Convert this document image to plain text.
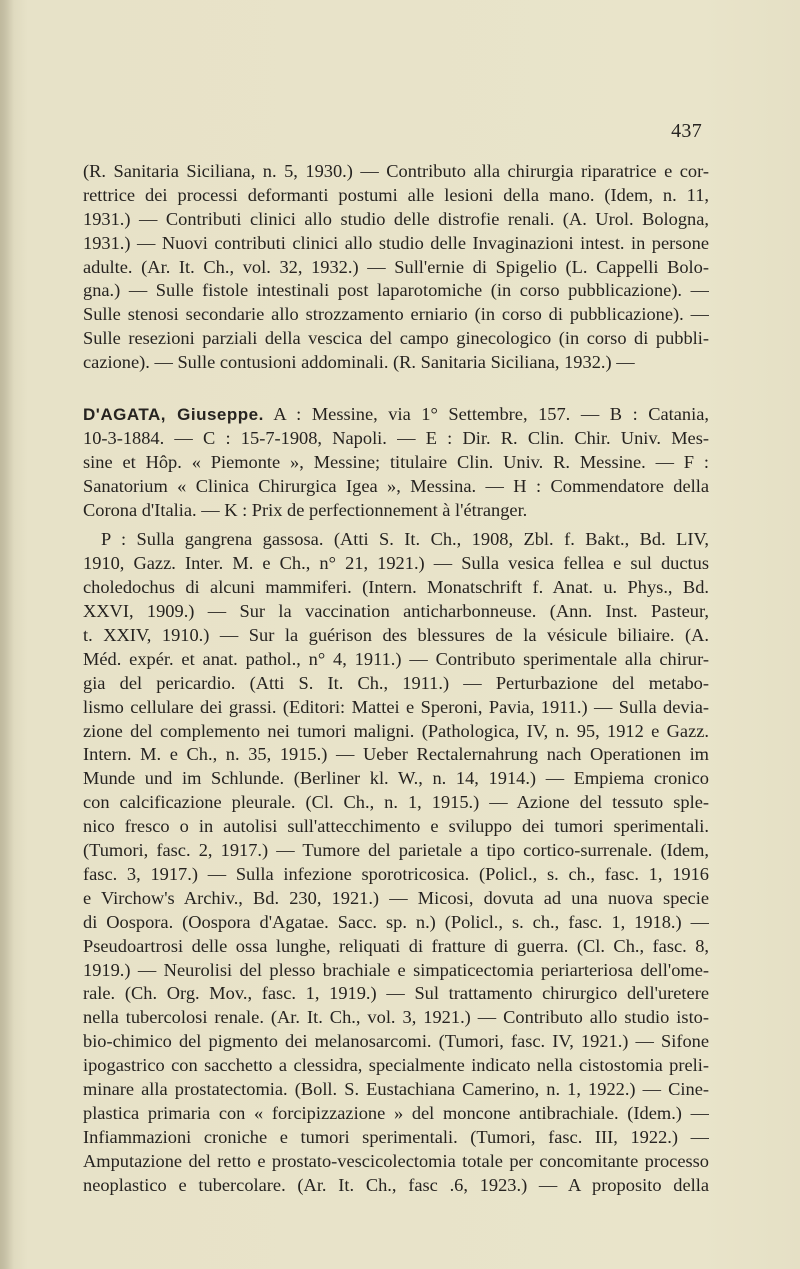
437
(R. Sanitaria Siciliana, n. 5, 1930.) — Contributo alla chirurgia riparatrice e cor-
rettrice dei processi deformanti postumi alle lesioni della mano. (Idem, n. 11,
1931.) — Contributi clinici allo studio delle distrofie renali. (A. Urol. Bologna,
1931.) — Nuovi contributi clinici allo studio delle Invaginazioni intest. in persone
adulte. (Ar. It. Ch., vol. 32, 1932.) — Sull'ernie di Spigelio (L. Cappelli Bolo-
gna.) — Sulle fistole intestinali post laparotomiche (in corso pubblicazione). —
Sulle stenosi secondarie allo strozzamento erniario (in corso di pubblicazione). —
Sulle resezioni parziali della vescica del campo ginecologico (in corso di pubbli-
cazione). — Sulle contusioni addominali. (R. Sanitaria Siciliana, 1932.) —
D'AGATA, Giuseppe. A : Messine, via 1° Settembre, 157. — B : Catania,
10-3-1884. — C : 15-7-1908, Napoli. — E : Dir. R. Clin. Chir. Univ. Mes-
sine et Hôp. « Piemonte », Messine; titulaire Clin. Univ. R. Messine. — F :
Sanatorium « Clinica Chirurgica Igea », Messina. — H : Commendatore della
Corona d'Italia. — K : Prix de perfectionnement à l'étranger.
P : Sulla gangrena gassosa. (Atti S. It. Ch., 1908, Zbl. f. Bakt., Bd. LIV,
1910, Gazz. Inter. M. e Ch., n° 21, 1921.) — Sulla vesica fellea e sul ductus
choledochus di alcuni mammiferi. (Intern. Monatschrift f. Anat. u. Phys., Bd.
XXVI, 1909.) — Sur la vaccination anticharbonneuse. (Ann. Inst. Pasteur,
t. XXIV, 1910.) — Sur la guérison des blessures de la vésicule biliaire. (A.
Méd. expér. et anat. pathol., n° 4, 1911.) — Contributo sperimentale alla chirur-
gia del pericardio. (Atti S. It. Ch., 1911.) — Perturbazione del metabo-
lismo cellulare dei grassi. (Editori: Mattei e Speroni, Pavia, 1911.) — Sulla devia-
zione del complemento nei tumori maligni. (Pathologica, IV, n. 95, 1912 e Gazz.
Intern. M. e Ch., n. 35, 1915.) — Ueber Rectalernahrung nach Operationen im
Munde und im Schlunde. (Berliner kl. W., n. 14, 1914.) — Empiema cronico
con calcificazione pleurale. (Cl. Ch., n. 1, 1915.) — Azione del tessuto sple-
nico fresco o in autolisi sull'attecchimento e sviluppo dei tumori sperimentali.
(Tumori, fasc. 2, 1917.) — Tumore del parietale a tipo cortico-surrenale. (Idem,
fasc. 3, 1917.) — Sulla infezione sporotricosica. (Policl., s. ch., fasc. 1, 1916
e Virchow's Archiv., Bd. 230, 1921.) — Micosi, dovuta ad una nuova specie
di Oospora. (Oospora d'Agatae. Sacc. sp. n.) (Policl., s. ch., fasc. 1, 1918.) —
Pseudoartrosi delle ossa lunghe, reliquati di fratture di guerra. (Cl. Ch., fasc. 8,
1919.) — Neurolisi del plesso brachiale e simpaticectomia periarteriosa dell'ome-
rale. (Ch. Org. Mov., fasc. 1, 1919.) — Sul trattamento chirurgico dell'uretere
nella tubercolosi renale. (Ar. It. Ch., vol. 3, 1921.) — Contributo allo studio isto-
bio-chimico del pigmento dei melanosarcomi. (Tumori, fasc. IV, 1921.) — Sifone
ipogastrico con sacchetto a clessidra, specialmente indicato nella cistostomia preli-
minare alla prostatectomia. (Boll. S. Eustachiana Camerino, n. 1, 1922.) — Cine-
plastica primaria con « forcipizzazione » del moncone antibrachiale. (Idem.) —
Infiammazioni croniche e tumori sperimentali. (Tumori, fasc. III, 1922.) —
Amputazione del retto e prostato-vescicolectomia totale per concomitante processo
neoplastico e tubercolare. (Ar. It. Ch., fasc .6, 1923.) — A proposito della
